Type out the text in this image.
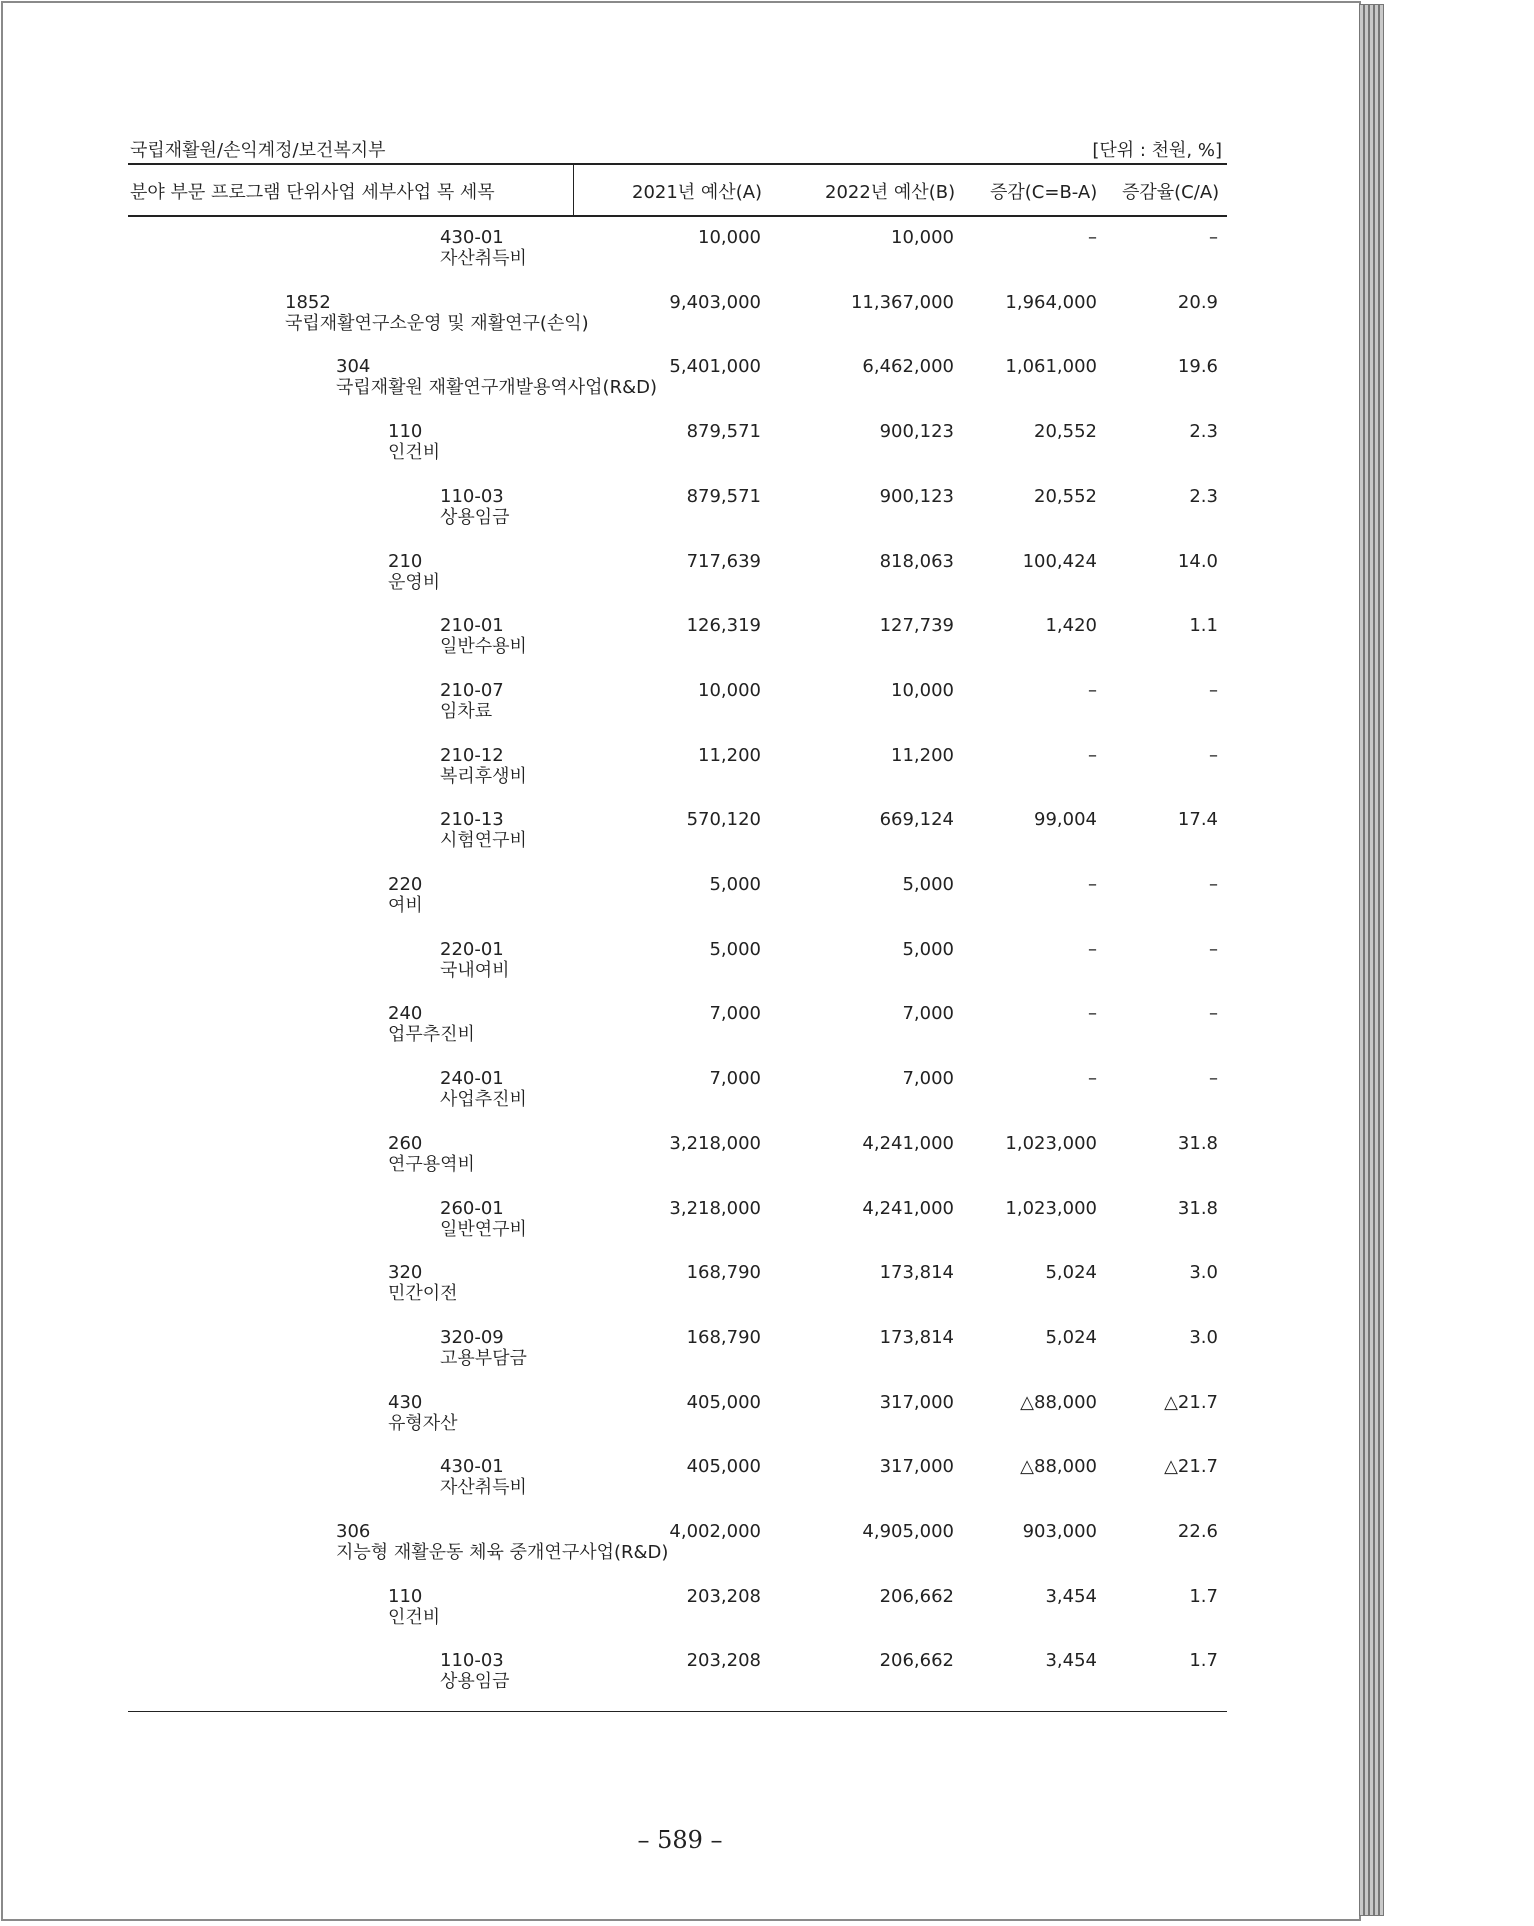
국립재활원/손익계정/보건복지부	[단위 : 천원, %]
분야 부문 프로그램 단위사업 세부사업 목 세목	2021년 예산(A)	2022년 예산(B) 증감(C=B-A) 증감율(C/A)
430-01
자산취득비
10,000	10,000	–	–
1852
국립재활연구소운영 및 재활연구(손익)
9,403,000	11,367,000	1,964,000	20.9
304
국립재활원 재활연구개발용역사업(R&D)
5,401,000	6,462,000	1,061,000	19.6
110
인건비
879,571	900,123	20,552	2.3
110-03
상용임금
879,571	900,123	20,552	2.3
210
운영비
717,639	818,063	100,424	14.0
210-01
일반수용비
126,319	127,739	1,420	1.1
210-07
임차료
10,000	10,000	–	–
210-12
복리후생비
11,200	11,200	–	–
210-13
시험연구비
570,120	669,124	99,004	17.4
220
여비
5,000	5,000	–	–
220-01
국내여비
5,000	5,000	–	–
240
업무추진비
7,000	7,000	–	–
240-01
사업추진비
7,000	7,000	–	–
260
연구용역비
3,218,000	4,241,000	1,023,000	31.8
260-01
일반연구비
3,218,000	4,241,000	1,023,000	31.8
320
민간이전
168,790	173,814	5,024	3.0
320-09
고용부담금
168,790	173,814	5,024	3.0
430
유형자산
405,000	317,000	△88,000	△21.7
430-01
자산취득비
405,000	317,000	△88,000	△21.7
306
지능형 재활운동 체육 중개연구사업(R&D)
4,002,000	4,905,000	903,000	22.6
110
인건비
203,208	206,662	3,454	1.7
110-03
상용임금
203,208	206,662	3,454	1.7
– 589 –
